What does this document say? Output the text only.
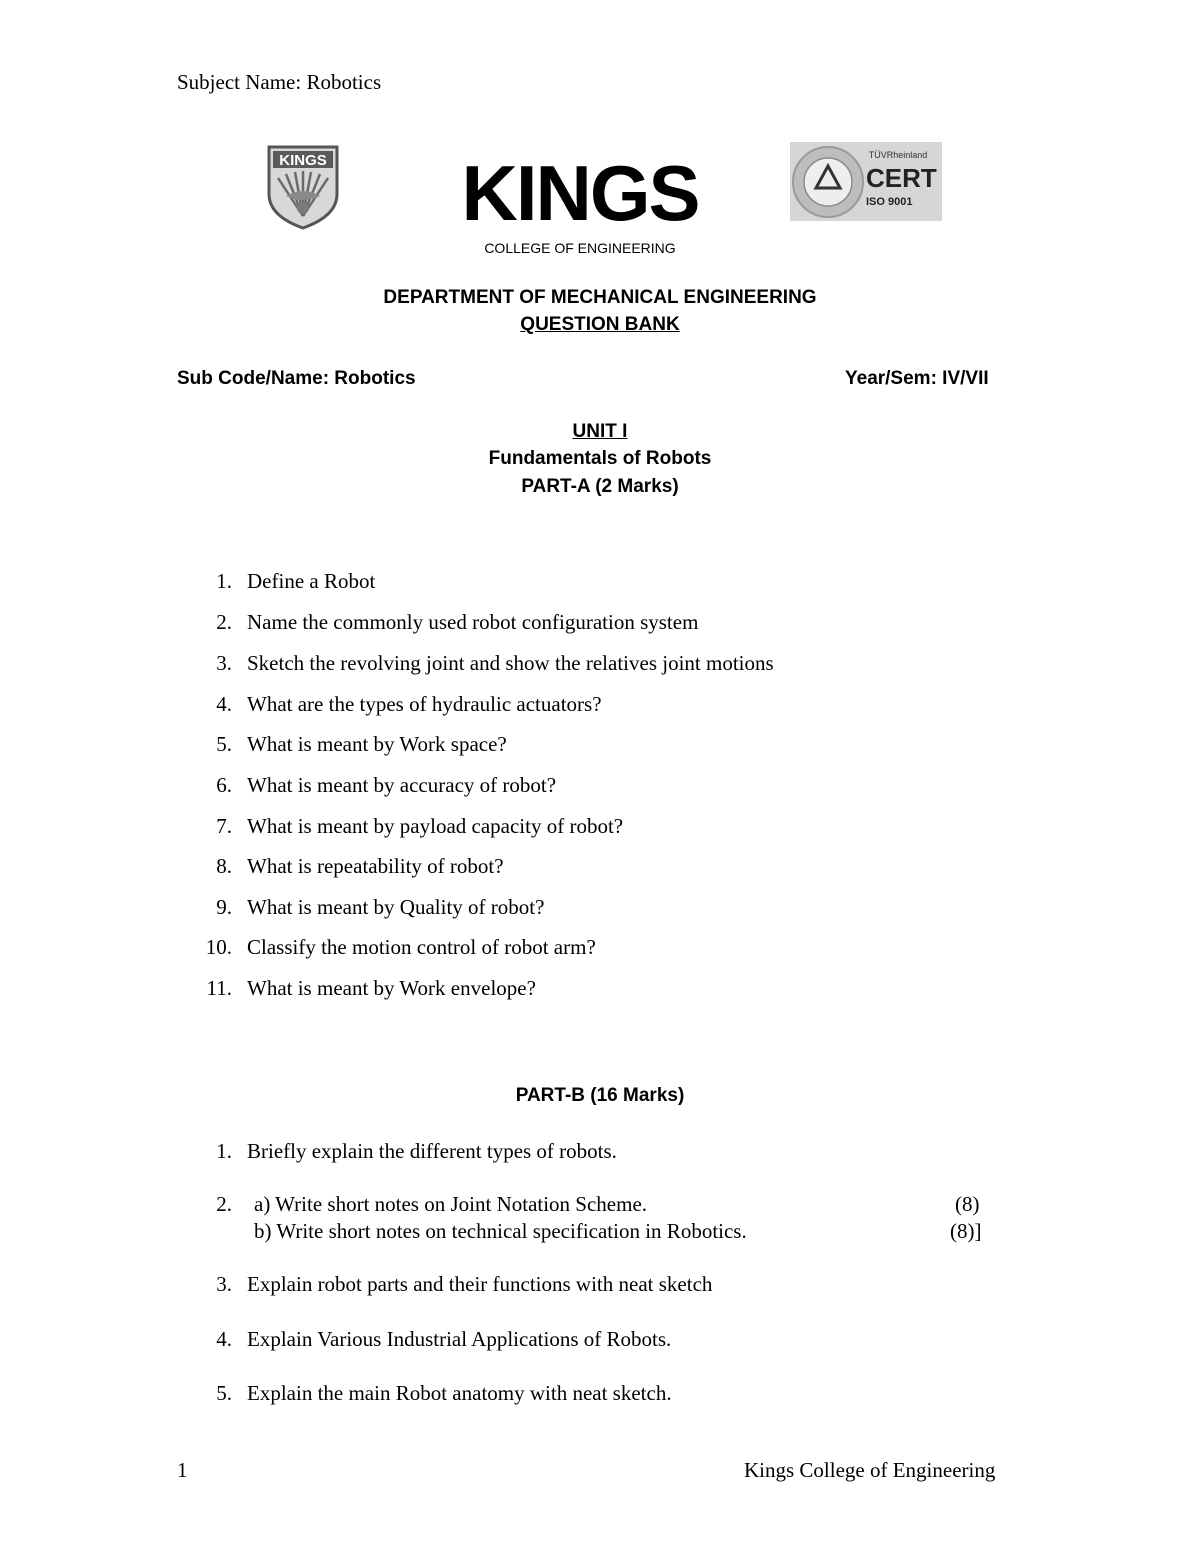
Subject Name: Robotics
KINGS	KINGS
COLLEGE OF ENGINEERING
TÜVRheinland
CERT
ISO 9001
DEPARTMENT OF MECHANICAL ENGINEERING
QUESTION BANK
Sub Code/Name: Robotics	Year/Sem: IV/VII
UNIT I
Fundamentals of Robots
PART-A (2 Marks)
1. Define a Robot
2. Name the commonly used robot configuration system
3. Sketch the revolving joint and show the relatives joint motions
4. What are the types of hydraulic actuators?
5. What is meant by Work space?
6. What is meant by accuracy of robot?
7. What is meant by payload capacity of robot?
8. What is repeatability of robot?
9. What is meant by Quality of robot?
10. Classify the motion control of robot arm?
11. What is meant by Work envelope?
PART-B (16 Marks)
1. Briefly explain the different types of robots.
2. a) Write short notes on Joint Notation Scheme.	(8)
b) Write short notes on technical specification in Robotics.	(8)]
3. Explain robot parts and their functions with neat sketch
4. Explain Various Industrial Applications of Robots.
5. Explain the main Robot anatomy with neat sketch.
1	Kings College of Engineering
